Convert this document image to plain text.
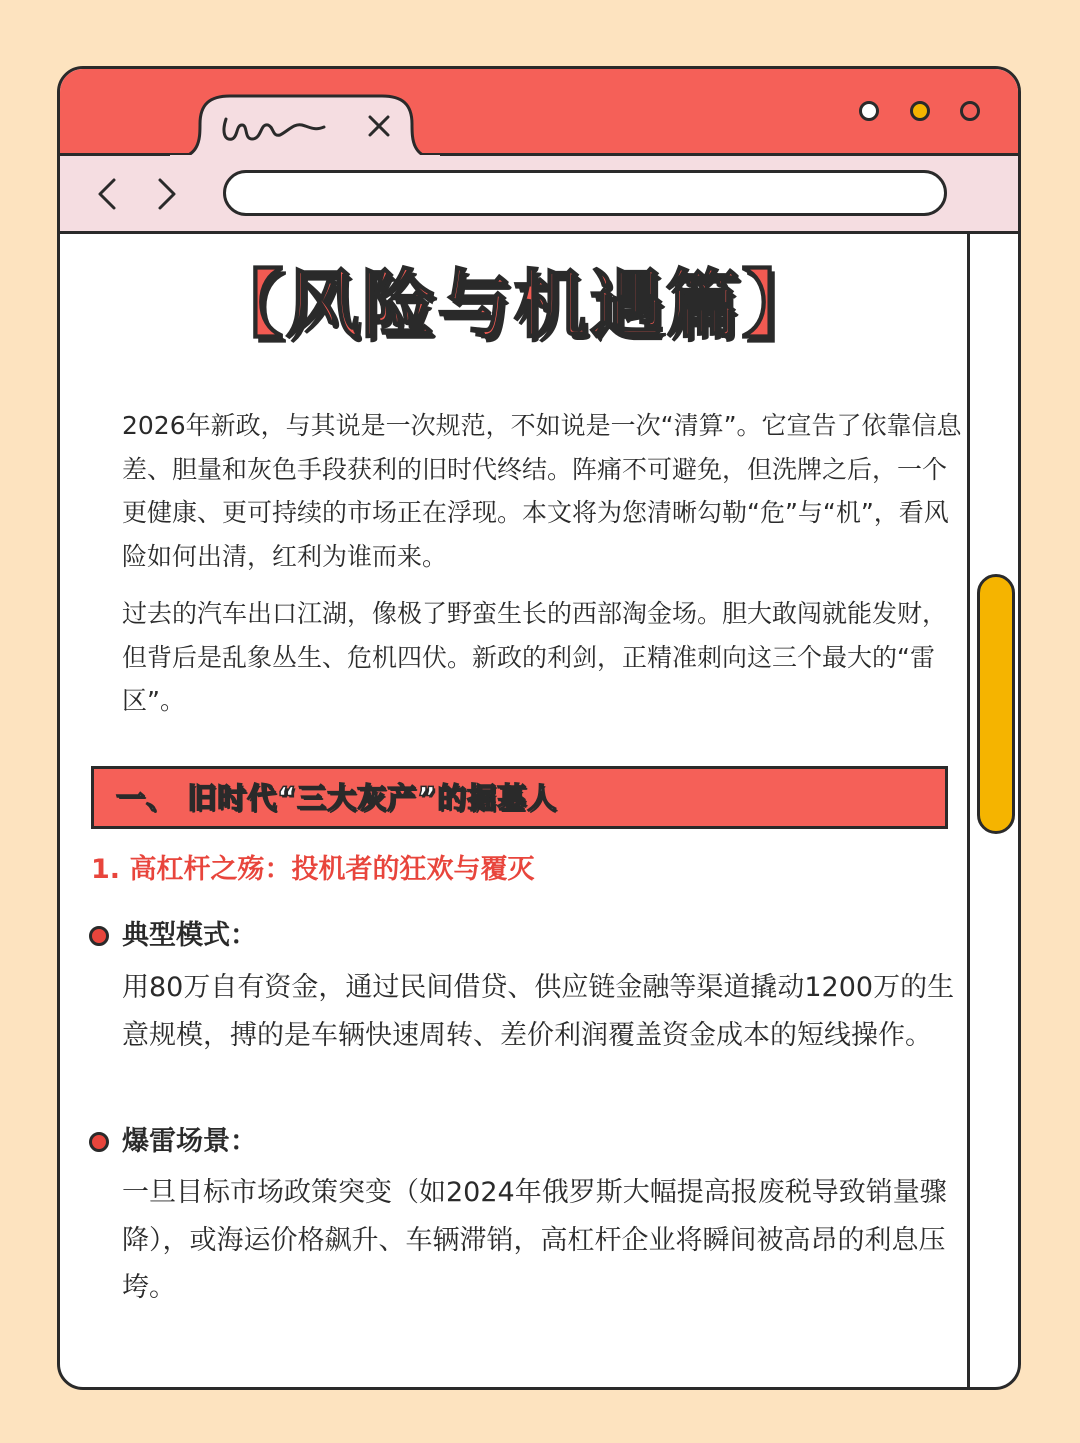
【风险与机遇篇】
2026年新政，与其说是一次规范，不如说是一次“清算”。它宣告了依靠信息差、胆量和灰色手段获利的旧时代终结。阵痛不可避免，但洗牌之后，一个更健康、更可持续的市场正在浮现。本文将为您清晰勾勒“危”与“机”，看风险如何出清，红利为谁而来。
过去的汽车出口江湖，像极了野蛮生长的西部淘金场。胆大敢闯就能发财，但背后是乱象丛生、危机四伏。新政的利剑，正精准刺向这三个最大的“雷区”。
一、 旧时代“三大灰产”的掘墓人
1. 高杠杆之殇：投机者的狂欢与覆灭
典型模式：
用80万自有资金，通过民间借贷、供应链金融等渠道撬动1200万的生意规模，搏的是车辆快速周转、差价利润覆盖资金成本的短线操作。
爆雷场景：
一旦目标市场政策突变（如2024年俄罗斯大幅提高报废税导致销量骤降），或海运价格飙升、车辆滞销，高杠杆企业将瞬间被高昂的利息压垮。
